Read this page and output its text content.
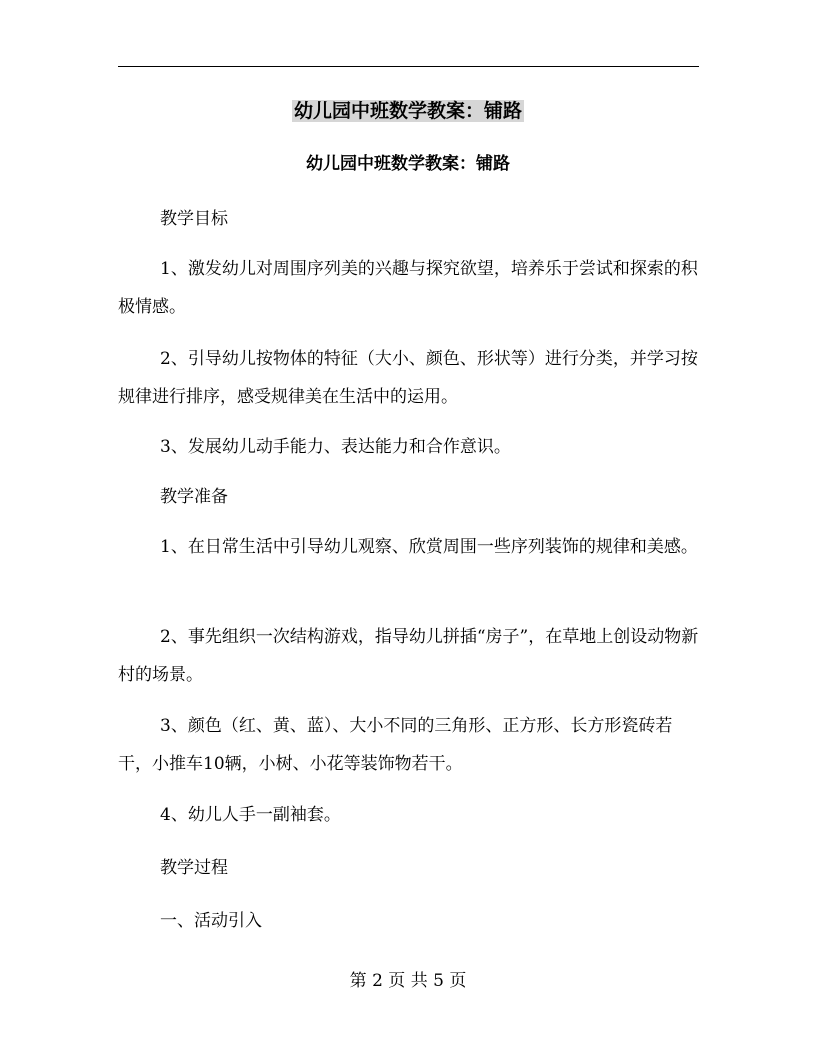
幼儿园中班数学教案：铺路
幼儿园中班数学教案：铺路

教学目标

1、激发幼儿对周围序列美的兴趣与探究欲望，培养乐于尝试和探索的积极情感。

2、引导幼儿按物体的特征（大小、颜色、形状等）进行分类，并学习按规律进行排序，感受规律美在生活中的运用。

3、发展幼儿动手能力、表达能力和合作意识。

教学准备

1、在日常生活中引导幼儿观察、欣赏周围一些序列装饰的规律和美感。

2、事先组织一次结构游戏，指导幼儿拼插“房子”，在草地上创设动物新村的场景。

3、颜色（红、黄、蓝）、大小不同的三角形、正方形、长方形瓷砖若干，小推车10辆，小树、小花等装饰物若干。

4、幼儿人手一副袖套。

教学过程

一、活动引入

第 2 页 共 5 页
